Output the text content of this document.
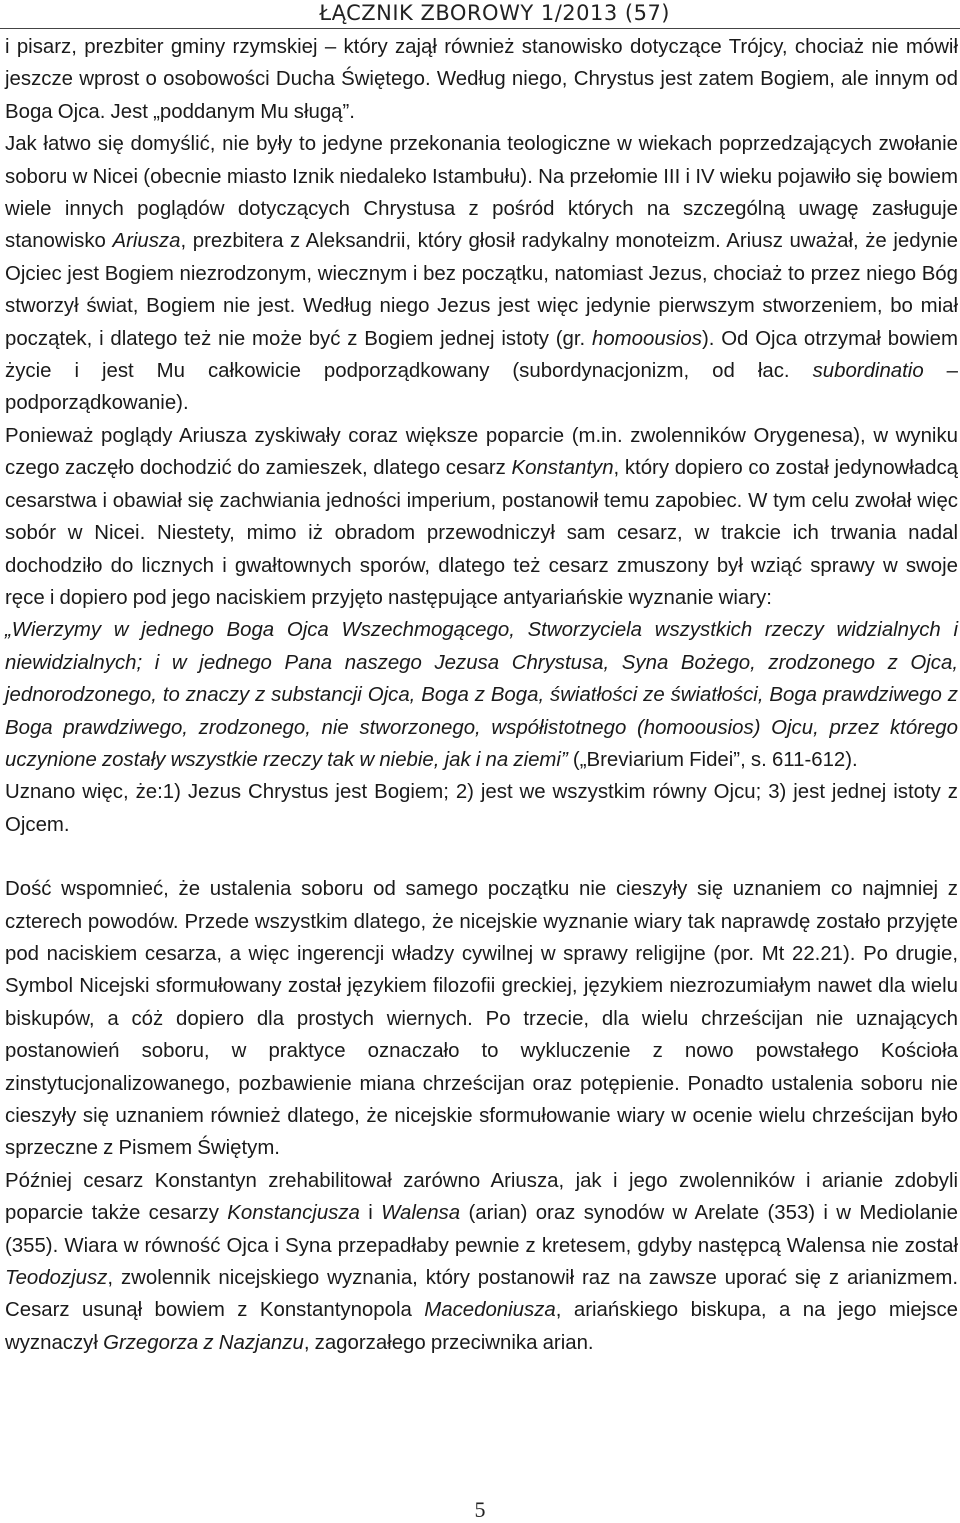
ŁĄCZNIK ZBOROWY 1/2013 (57)

i pisarz, prezbiter gminy rzymskiej – który zajął również stanowisko dotyczące Trójcy, chociaż nie mówił jeszcze wprost o osobowości Ducha Świętego. Według niego, Chrystus jest zatem Bogiem, ale innym od Boga Ojca. Jest „poddanym Mu sługą”.

Jak łatwo się domyślić, nie były to jedyne przekonania teologiczne w wiekach poprzedzających zwołanie soboru w Nicei (obecnie miasto Iznik niedaleko Istambułu). Na przełomie III i IV wieku pojawiło się bowiem wiele innych poglądów dotyczących Chrystusa z pośród których na szczególną uwagę zasługuje stanowisko Ariusza, prezbitera z Aleksandrii, który głosił radykalny monoteizm. Ariusz uważał, że jedynie Ojciec jest Bogiem niezrodzonym, wiecznym i bez początku, natomiast Jezus, chociaż to przez niego Bóg stworzył świat, Bogiem nie jest. Według niego Jezus jest więc jedynie pierwszym stworzeniem, bo miał początek, i dlatego też nie może być z Bogiem jednej istoty (gr. homoousios). Od Ojca otrzymał bowiem życie i jest Mu całkowicie podporządkowany (subordynacjonizm, od łac. subordinatio – podporządkowanie).

Ponieważ poglądy Ariusza zyskiwały coraz większe poparcie (m.in. zwolenników Orygenesa), w wyniku czego zaczęło dochodzić do zamieszek, dlatego cesarz Konstantyn, który dopiero co został jedynowładcą cesarstwa i obawiał się zachwiania jedności imperium, postanowił temu zapobiec. W tym celu zwołał więc sobór w Nicei. Niestety, mimo iż obradom przewodniczył sam cesarz, w trakcie ich trwania nadal dochodziło do licznych i gwałtownych sporów, dlatego też cesarz zmuszony był wziąć sprawy w swoje ręce i dopiero pod jego naciskiem przyjęto następujące antyariańskie wyznanie wiary:

„Wierzymy w jednego Boga Ojca Wszechmogącego, Stworzyciela wszystkich rzeczy widzialnych i niewidzialnych; i w jednego Pana naszego Jezusa Chrystusa, Syna Bożego, zrodzonego z Ojca, jednorodzonego, to znaczy z substancji Ojca, Boga z Boga, światłości ze światłości, Boga prawdziwego z Boga prawdziwego, zrodzonego, nie stworzonego, współistotnego (homoousios) Ojcu, przez którego uczynione zostały wszystkie rzeczy tak w niebie, jak i na ziemi” („Breviarium Fidei”, s. 611-612).

Uznano więc, że:1) Jezus Chrystus jest Bogiem; 2) jest we wszystkim równy Ojcu; 3) jest jednej istoty z Ojcem.

Dość wspomnieć, że ustalenia soboru od samego początku nie cieszyły się uznaniem co najmniej z czterech powodów. Przede wszystkim dlatego, że nicejskie wyznanie wiary tak naprawdę zostało przyjęte pod naciskiem cesarza, a więc ingerencji władzy cywilnej w sprawy religijne (por. Mt 22.21). Po drugie, Symbol Nicejski sformułowany został językiem filozofii greckiej, językiem niezrozumiałym nawet dla wielu biskupów, a cóż dopiero dla prostych wiernych. Po trzecie, dla wielu chrześcijan nie uznających postanowień soboru, w praktyce oznaczało to wykluczenie z nowo powstałego Kościoła zinstytucjonalizowanego, pozbawienie miana chrześcijan oraz potępienie. Ponadto ustalenia soboru nie cieszyły się uznaniem również dlatego, że nicejskie sformułowanie wiary w ocenie wielu chrześcijan było sprzeczne z Pismem Świętym.

Później cesarz Konstantyn zrehabilitował zarówno Ariusza, jak i jego zwolenników i arianie zdobyli poparcie także cesarzy Konstancjusza i Walensa (arian) oraz synodów w Arelate (353) i w Mediolanie (355). Wiara w równość Ojca i Syna przepadłaby pewnie z kretesem, gdyby następcą Walensa nie został Teodozjusz, zwolennik nicejskiego wyznania, który postanowił raz na zawsze uporać się z arianizmem. Cesarz usunął bowiem z Konstantynopola Macedoniusza, ariańskiego biskupa, a na jego miejsce wyznaczył Grzegorza z Nazjanzu, zagorzałego przeciwnika arian.

5
